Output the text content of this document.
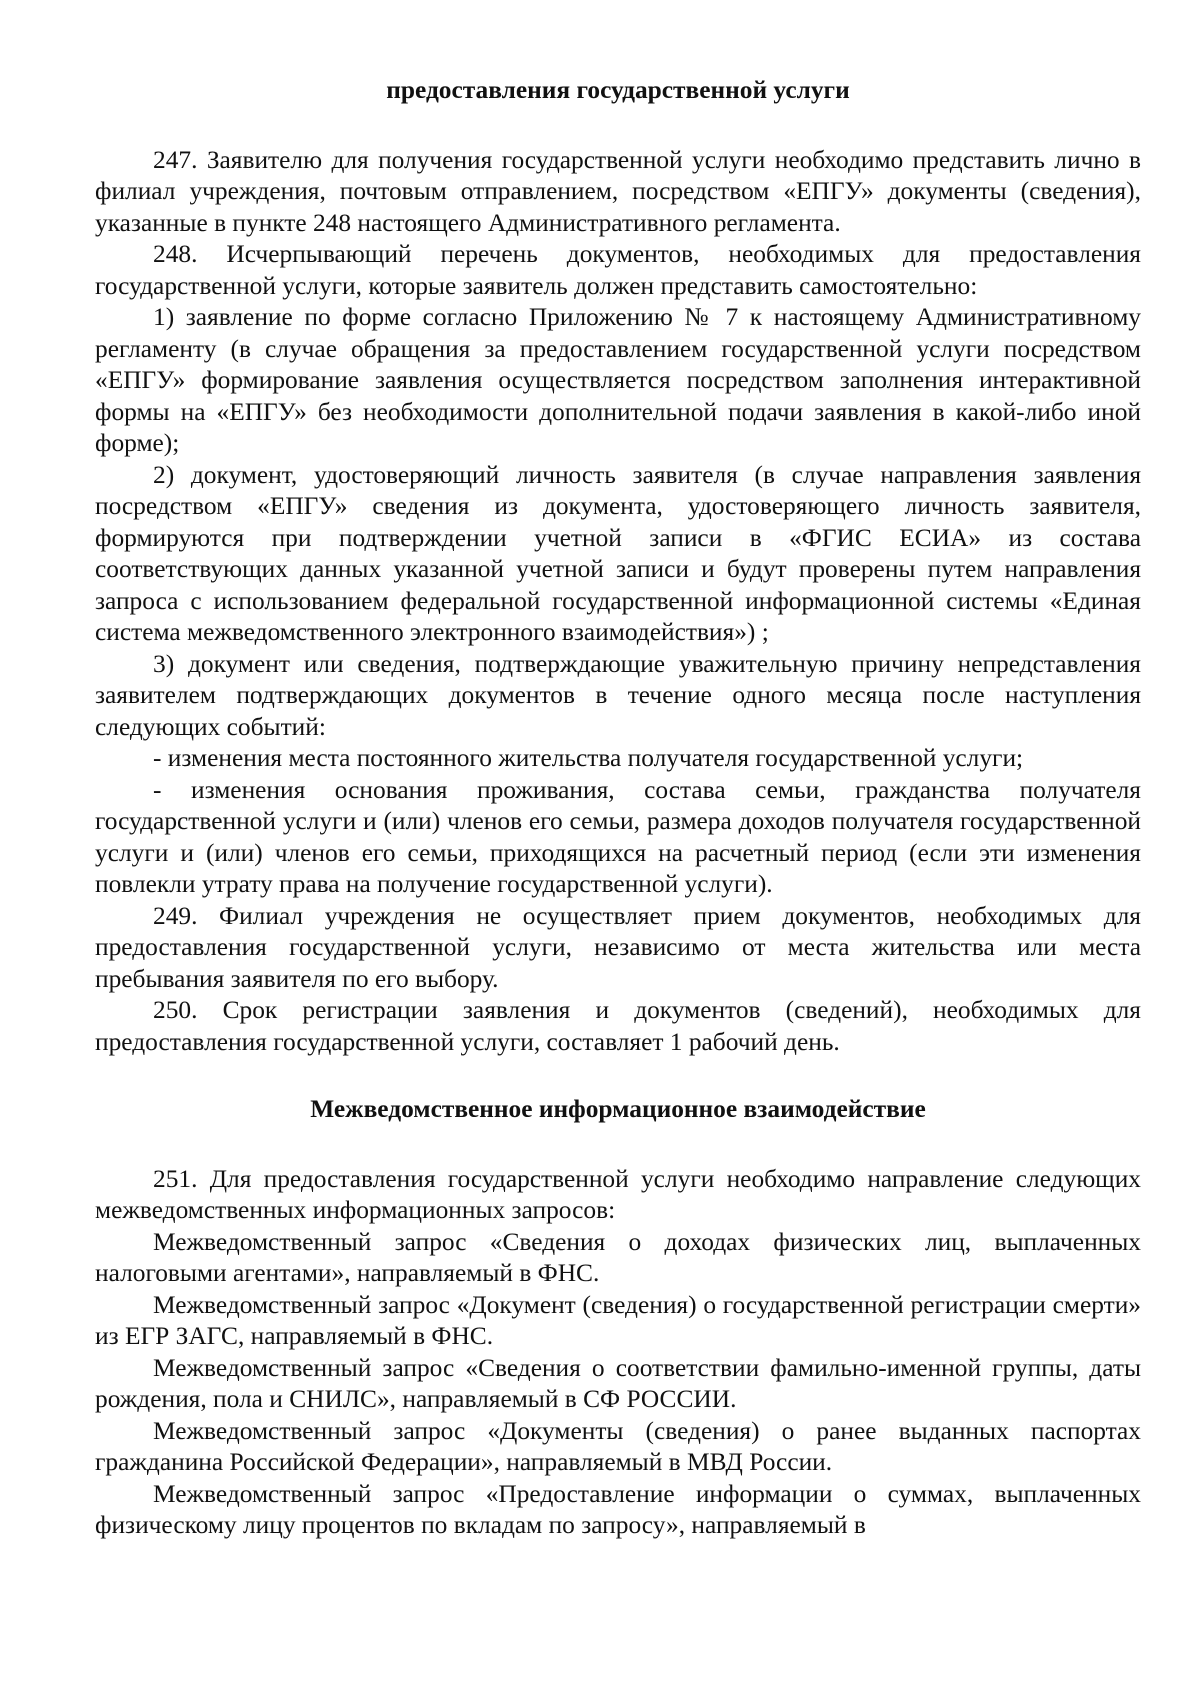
предоставления государственной услуги

247. Заявителю для получения государственной услуги необходимо представить лично в филиал учреждения, почтовым отправлением, посредством «ЕПГУ» документы (сведения), указанные в пункте 248 настоящего Административного регламента.

248. Исчерпывающий перечень документов, необходимых для предоставления государственной услуги, которые заявитель должен представить самостоятельно:

1) заявление по форме согласно Приложению № 7 к настоящему Административному регламенту (в случае обращения за предоставлением государственной услуги посредством «ЕПГУ» формирование заявления осуществляется посредством заполнения интерактивной формы на «ЕПГУ» без необходимости дополнительной подачи заявления в какой-либо иной форме);

2) документ, удостоверяющий личность заявителя (в случае направления заявления посредством «ЕПГУ» сведения из документа, удостоверяющего личность заявителя, формируются при подтверждении учетной записи в «ФГИС ЕСИА» из состава соответствующих данных указанной учетной записи и будут проверены путем направления запроса с использованием федеральной государственной информационной системы «Единая система межведомственного электронного взаимодействия») ;

3) документ или сведения, подтверждающие уважительную причину непредставления заявителем подтверждающих документов в течение одного месяца после наступления следующих событий:

- изменения места постоянного жительства получателя государственной услуги;

- изменения основания проживания, состава семьи, гражданства получателя государственной услуги и (или) членов его семьи, размера доходов получателя государственной услуги и (или) членов его семьи, приходящихся на расчетный период (если эти изменения повлекли утрату права на получение государственной услуги).

249. Филиал учреждения не осуществляет прием документов, необходимых для предоставления государственной услуги, независимо от места жительства или места пребывания заявителя по его выбору.

250. Срок регистрации заявления и документов (сведений), необходимых для предоставления государственной услуги, составляет 1 рабочий день.

Межведомственное информационное взаимодействие

251. Для предоставления государственной услуги необходимо направление следующих межведомственных информационных запросов:

Межведомственный запрос «Сведения о доходах физических лиц, выплаченных налоговыми агентами», направляемый в ФНС.

Межведомственный запрос «Документ (сведения) о государственной регистрации смерти» из ЕГР ЗАГС, направляемый в ФНС.

Межведомственный запрос «Сведения о соответствии фамильно-именной группы, даты рождения, пола и СНИЛС», направляемый в СФ РОССИИ.

Межведомственный запрос «Документы (сведения) о ранее выданных паспортах гражданина Российской Федерации», направляемый в МВД России.

Межведомственный запрос «Предоставление информации о суммах, выплаченных физическому лицу процентов по вкладам по запросу», направляемый в
